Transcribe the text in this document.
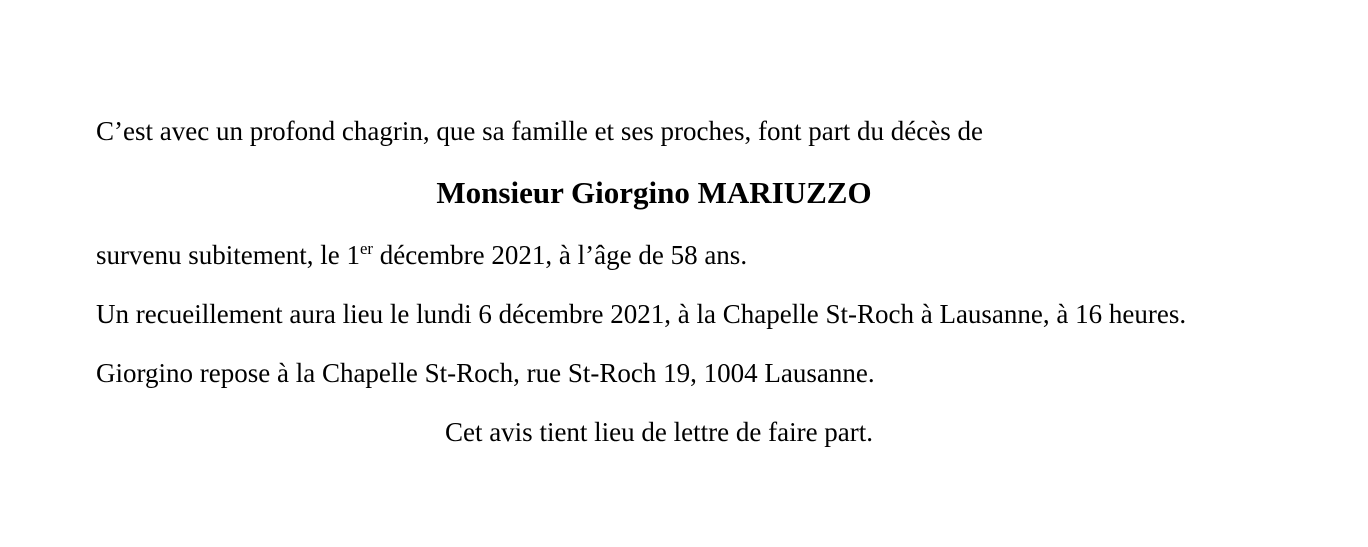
C’est avec un profond chagrin, que sa famille et ses proches, font part du décès de

Monsieur Giorgino MARIUZZO

survenu subitement, le 1er décembre 2021, à l’âge de 58 ans.

Un recueillement aura lieu le lundi 6 décembre 2021, à la Chapelle St-Roch à Lausanne, à 16 heures.

Giorgino repose à la Chapelle St-Roch, rue St-Roch 19, 1004 Lausanne.

Cet avis tient lieu de lettre de faire part.
